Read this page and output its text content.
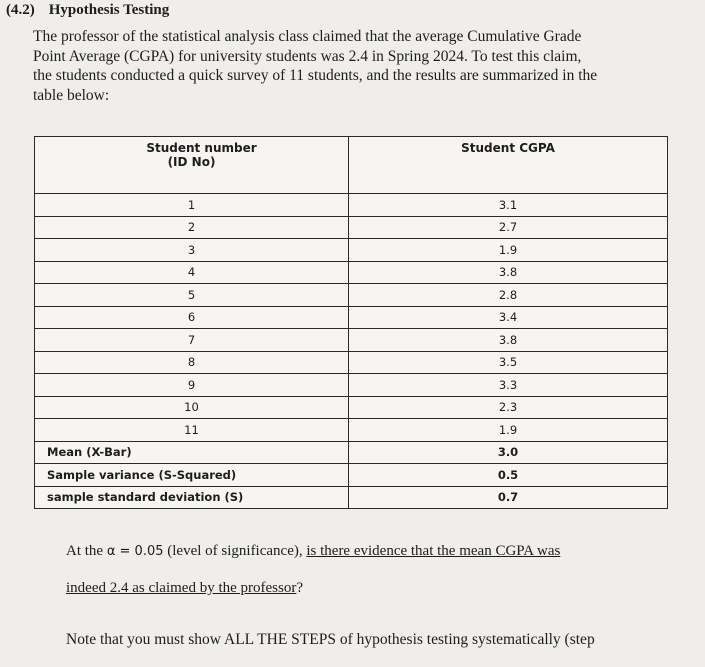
(4.2) Hypothesis Testing
The professor of the statistical analysis class claimed that the average Cumulative Grade
Point Average (CGPA) for university students was 2.4 in Spring 2024. To test this claim,
the students conducted a quick survey of 11 students, and the results are summarized in the
table below:
Student number
(ID No)	Student CGPA
1	3.1
2	2.7
3	1.9
4	3.8
5	2.8
6	3.4
7	3.8
8	3.5
9	3.3
10	2.3
11	1.9
Mean (X-Bar)	3.0
Sample variance (S-Squared)	0.5
sample standard deviation (S)	0.7
At the α = 0.05 (level of significance), is there evidence that the mean CGPA was
indeed 2.4 as claimed by the professor?
Note that you must show ALL THE STEPS of hypothesis testing systematically (step
